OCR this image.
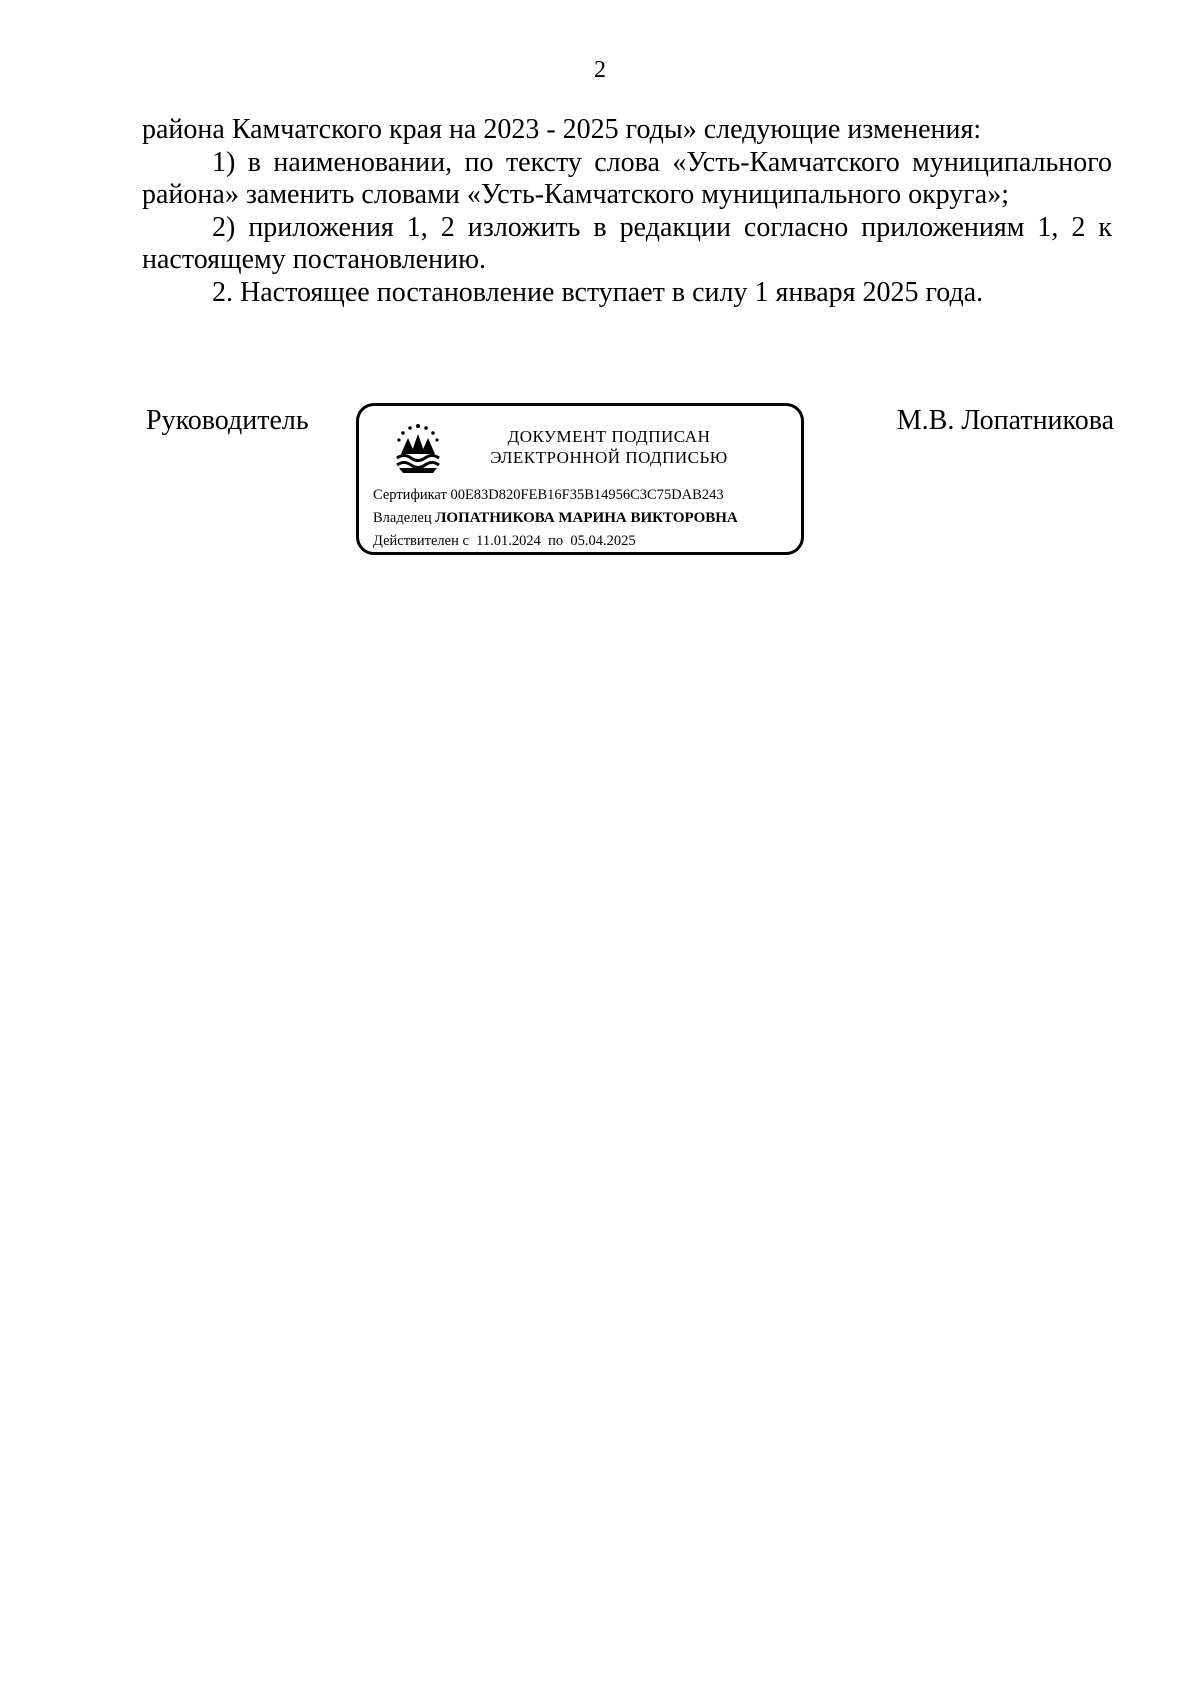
2

района Камчатского края на 2023 - 2025 годы» следующие изменения:

1) в наименовании, по тексту слова «Усть-Камчатского муниципального района» заменить словами «Усть-Камчатского муниципального округа»;

2) приложения 1, 2 изложить в редакции согласно приложениям 1, 2 к настоящему постановлению.

2. Настоящее постановление вступает в силу 1 января 2025 года.

Руководитель
ДОКУМЕНТ ПОДПИСАН
ЭЛЕКТРОННОЙ ПОДПИСЬЮ
Сертификат 00E83D820FEB16F35B14956C3C75DAB243
Владелец ЛОПАТНИКОВА МАРИНА ВИКТОРОВНА
Действителен с 11.01.2024 по 05.04.2025
М.В. Лопатникова
